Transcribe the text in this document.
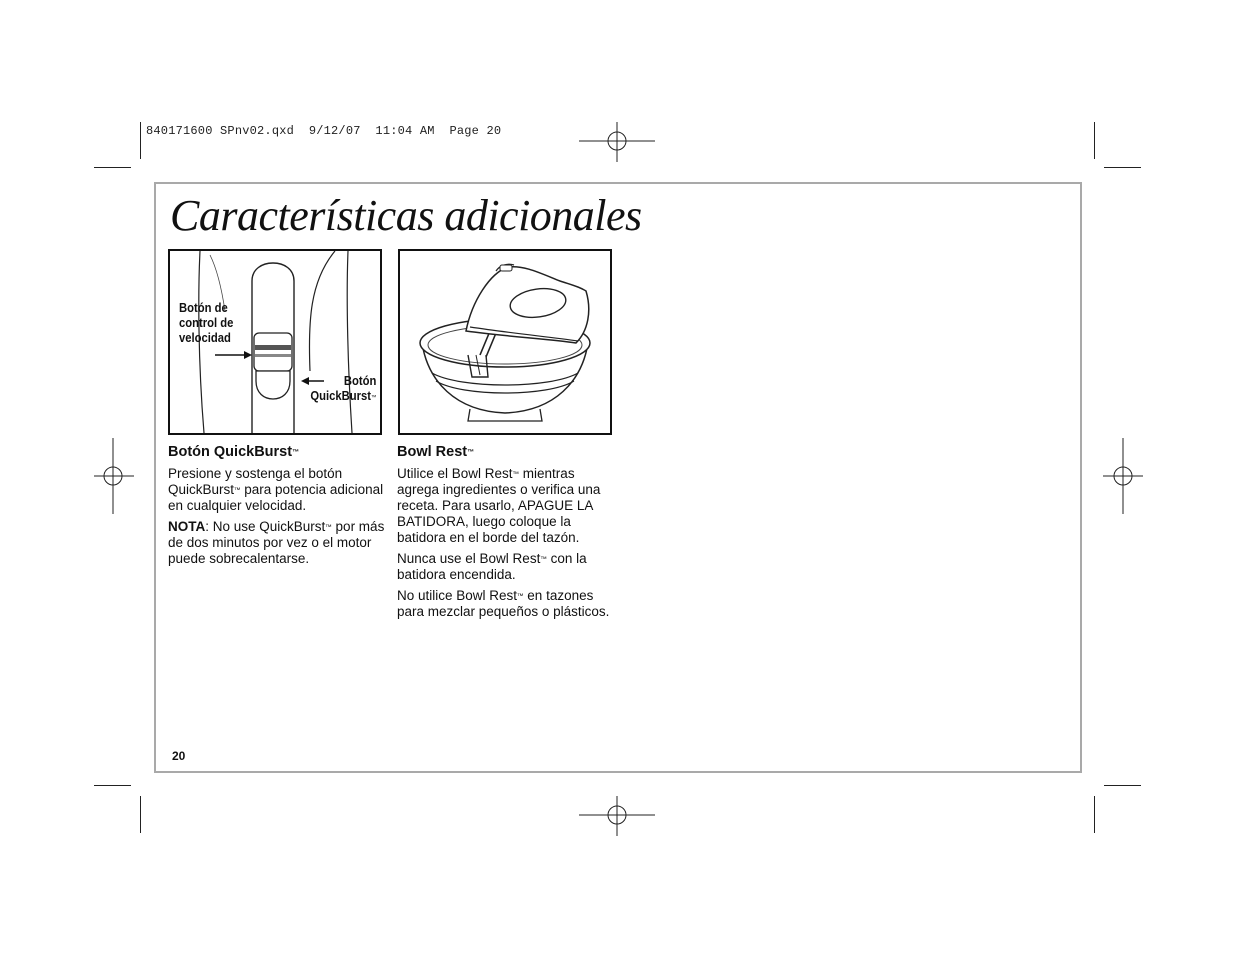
840171600 SPnv02.qxd  9/12/07  11:04 AM  Page 20
Características adicionales
Botón de
control de
velocidad
Botón
QuickBurst™
Botón QuickBurst™

Presione y sostenga el botón QuickBurst™ para potencia adicional en cualquier velocidad.

NOTA: No use QuickBurst™ por más de dos minutos por vez o el motor puede sobrecalentarse.

Bowl Rest™

Utilice el Bowl Rest™ mientras agrega ingredientes o verifica una receta. Para usarlo, APAGUE LA BATIDORA, luego coloque la batidora en el borde del tazón.

Nunca use el Bowl Rest™ con la batidora encendida.

No utilice Bowl Rest™ en tazones para mezclar pequeños o plásticos.

20
